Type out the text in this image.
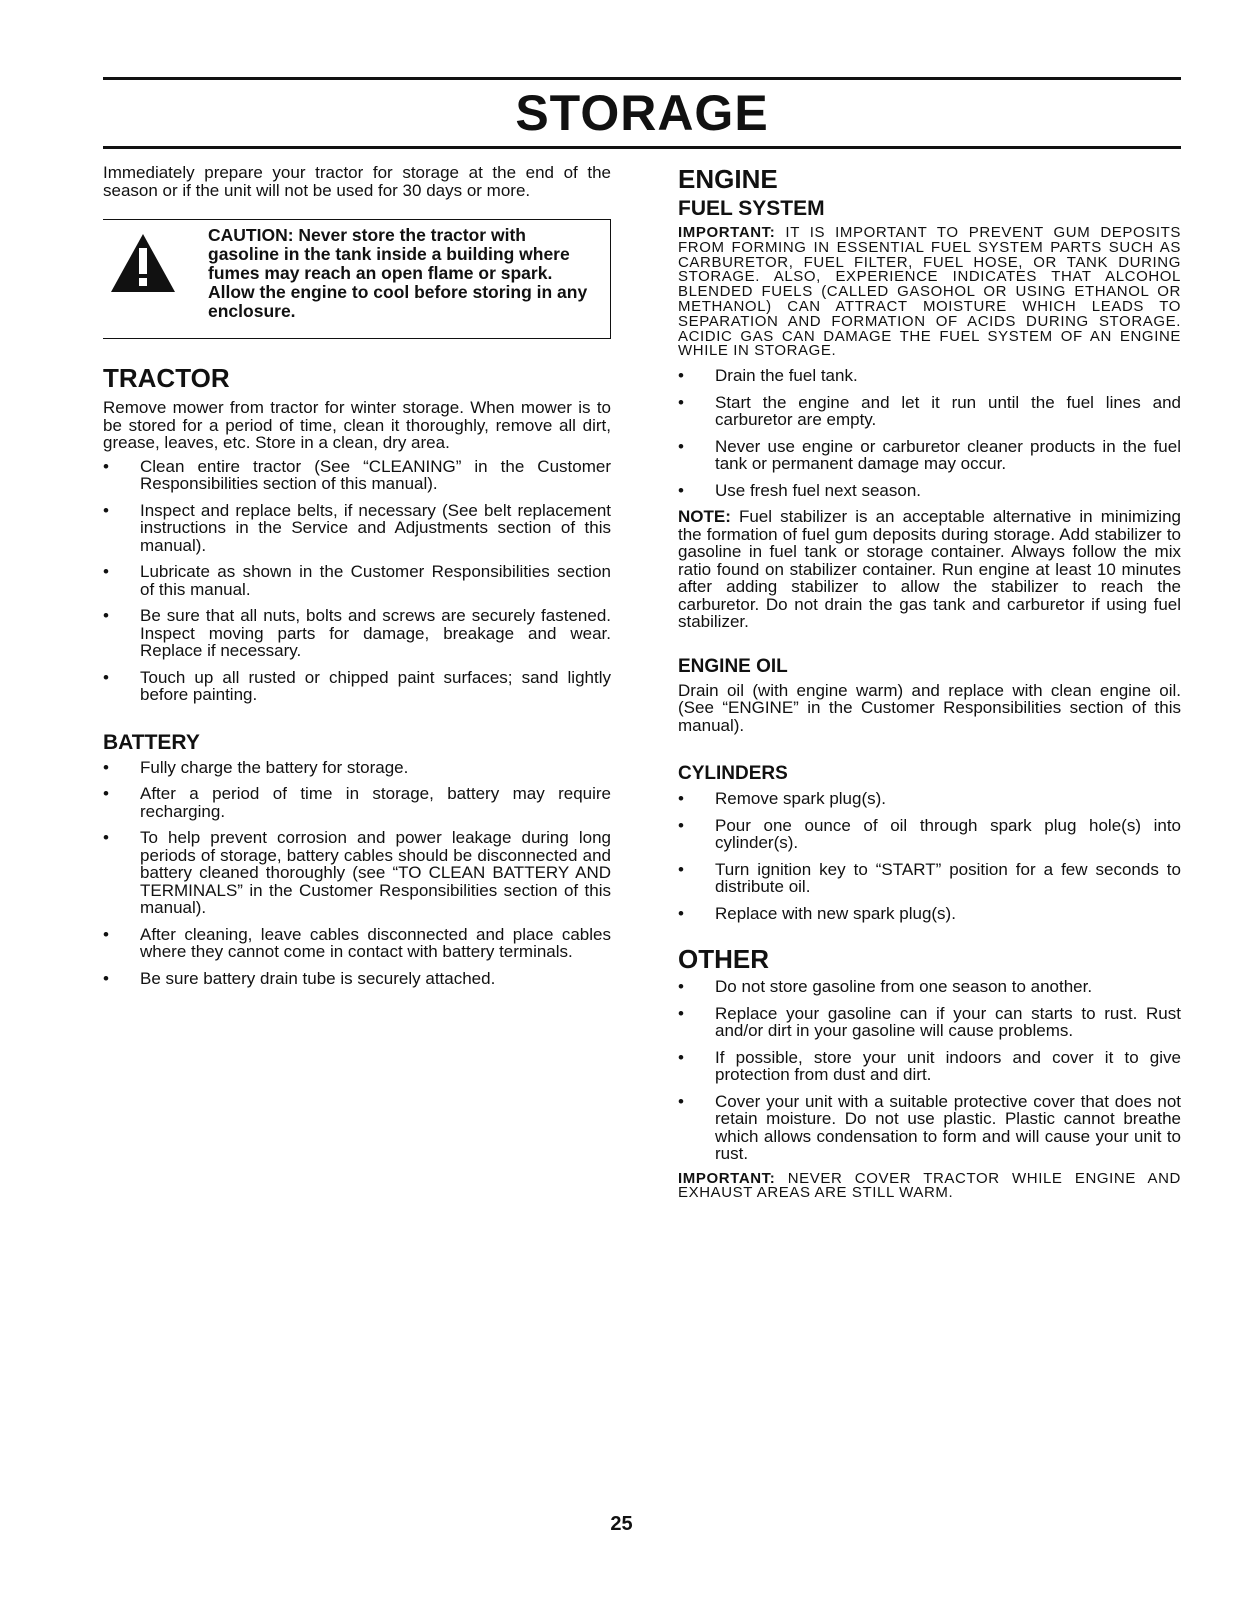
STORAGE

Immediately prepare your tractor for storage at the end of the season or if the unit will not be used for 30 days or more.

CAUTION: Never store the tractor with gasoline in the tank inside a building where fumes may reach an open flame or spark. Allow the engine to cool before storing in any enclosure.
TRACTOR

Remove mower from tractor for winter storage. When mower is to be stored for a period of time, clean it thoroughly, remove all dirt, grease, leaves, etc. Store in a clean, dry area.

• Clean entire tractor (See “CLEANING” in the Customer Responsibilities section of this manual).
• Inspect and replace belts, if necessary (See belt replacement instructions in the Service and Adjustments section of this manual).
• Lubricate as shown in the Customer Responsibilities section of this manual.
• Be sure that all nuts, bolts and screws are securely fastened. Inspect moving parts for damage, breakage and wear. Replace if necessary.
• Touch up all rusted or chipped paint surfaces; sand lightly before painting.
BATTERY
• Fully charge the battery for storage.
• After a period of time in storage, battery may require recharging.
• To help prevent corrosion and power leakage during long periods of storage, battery cables should be disconnected and battery cleaned thoroughly (see “TO CLEAN BATTERY AND TERMINALS” in the Customer Responsibilities section of this manual).
• After cleaning, leave cables disconnected and place cables where they cannot come in contact with battery terminals.
• Be sure battery drain tube is securely attached.
ENGINE
FUEL SYSTEM

IMPORTANT: IT IS IMPORTANT TO PREVENT GUM DEPOSITS FROM FORMING IN ESSENTIAL FUEL SYSTEM PARTS SUCH AS CARBURETOR, FUEL FILTER, FUEL HOSE, OR TANK DURING STORAGE. ALSO, EXPERIENCE INDICATES THAT ALCOHOL BLENDED FUELS (CALLED GASOHOL OR USING ETHANOL OR METHANOL) CAN ATTRACT MOISTURE WHICH LEADS TO SEPARATION AND FORMATION OF ACIDS DURING STORAGE. ACIDIC GAS CAN DAMAGE THE FUEL SYSTEM OF AN ENGINE WHILE IN STORAGE.

• Drain the fuel tank.
• Start the engine and let it run until the fuel lines and carburetor are empty.
• Never use engine or carburetor cleaner products in the fuel tank or permanent damage may occur.
• Use fresh fuel next season.

NOTE: Fuel stabilizer is an acceptable alternative in minimizing the formation of fuel gum deposits during storage. Add stabilizer to gasoline in fuel tank or storage container. Always follow the mix ratio found on stabilizer container. Run engine at least 10 minutes after adding stabilizer to allow the stabilizer to reach the carburetor. Do not drain the gas tank and carburetor if using fuel stabilizer.

ENGINE OIL

Drain oil (with engine warm) and replace with clean engine oil. (See “ENGINE” in the Customer Responsibilities section of this manual).

CYLINDERS
• Remove spark plug(s).
• Pour one ounce of oil through spark plug hole(s) into cylinder(s).
• Turn ignition key to “START” position for a few seconds to distribute oil.
• Replace with new spark plug(s).
OTHER
• Do not store gasoline from one season to another.
• Replace your gasoline can if your can starts to rust. Rust and/or dirt in your gasoline will cause problems.
• If possible, store your unit indoors and cover it to give protection from dust and dirt.
• Cover your unit with a suitable protective cover that does not retain moisture. Do not use plastic. Plastic cannot breathe which allows condensation to form and will cause your unit to rust.

IMPORTANT: NEVER COVER TRACTOR WHILE ENGINE AND EXHAUST AREAS ARE STILL WARM.

25
